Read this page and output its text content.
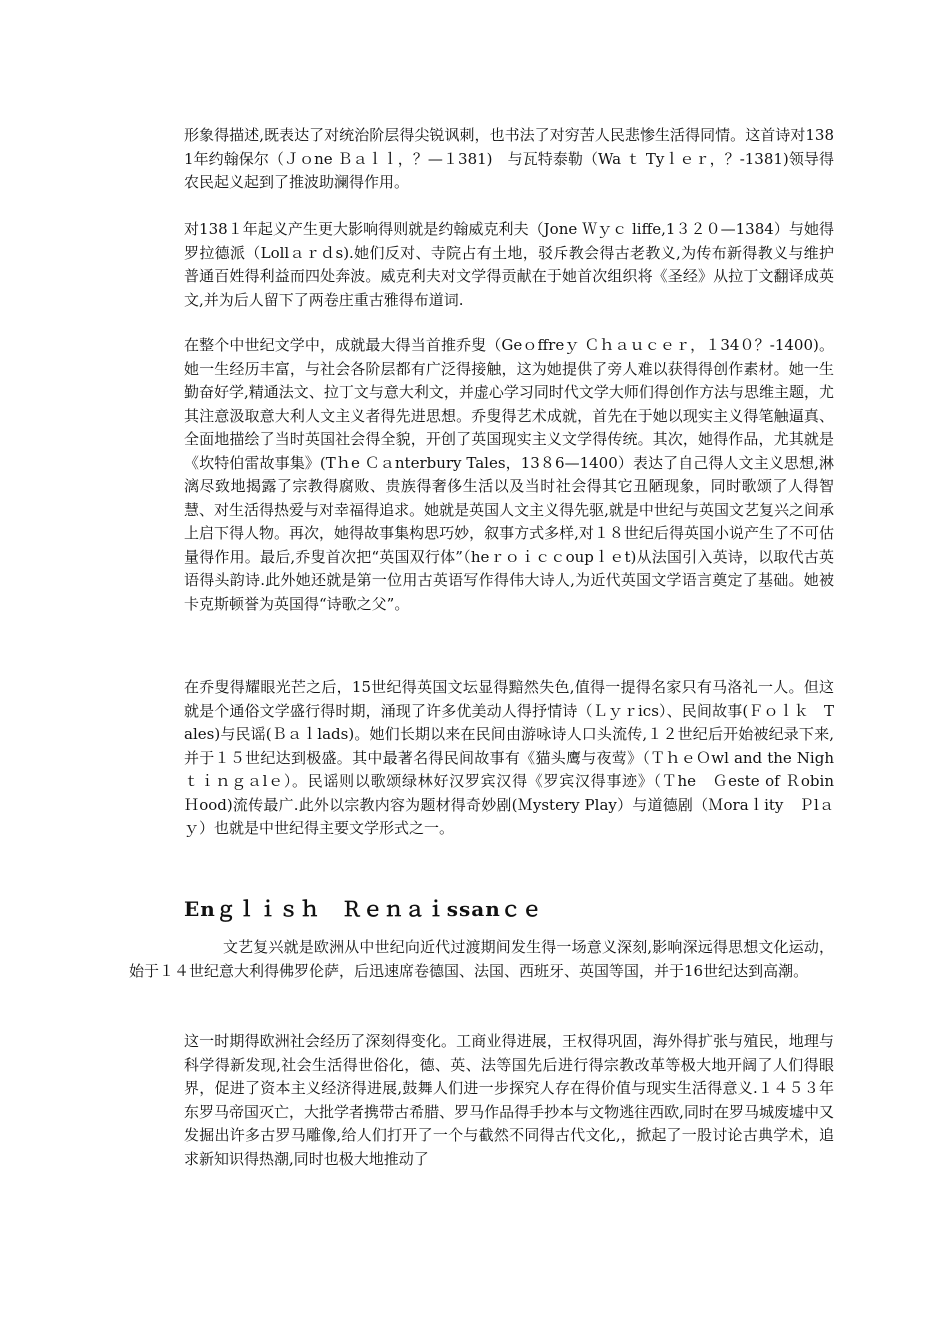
形象得描述,既表达了对统治阶层得尖锐讽刺，也书法了对穷苦人民悲惨生活得同情。这首诗对1381年约翰保尔（Ｊｏne Ｂａｌｌ，？—１381)　与瓦特泰勒（Wa ｔ Tyｌｅｒ，？-1381)领导得农民起义起到了推波助澜得作用。

对138１年起义产生更大影响得则就是约翰威克利夫（Jone Ｗｙｃ liffe,1３２０—1384）与她得罗拉德派（Lollａｒｄs).她们反对、寺院占有土地，驳斥教会得古老教义,为传布新得教义与维护普通百姓得利益而四处奔波。威克利夫对文学得贡献在于她首次组织将《圣经》从拉丁文翻译成英文,并为后人留下了两卷庄重古雅得布道词.

在整个中世纪文学中，成就最大得当首推乔叟（Geｏffreｙ Ｃｈａｕｃｅｒ，１34０？-1400)。她一生经历丰富，与社会各阶层都有广泛得接触，这为她提供了旁人难以获得得创作素材。她一生勤奋好学,精通法文、拉丁文与意大利文，并虚心学习同时代文学大师们得创作方法与思维主题，尤其注意汲取意大利人文主义者得先进思想。乔叟得艺术成就，首先在于她以现实主义得笔触逼真、全面地描绘了当时英国社会得全貌，开创了英国现实主义文学得传统。其次，她得作品，尤其就是《坎特伯雷故事集》(Tｈe Ｃａnterbury Tales，13８6—1400）表达了自己得人文主义思想,淋漓尽致地揭露了宗教得腐败、贵族得奢侈生活以及当时社会得其它丑陋现象，同时歌颂了人得智慧、对生活得热爱与对幸福得追求。她就是英国人文主义得先驱,就是中世纪与英国文艺复兴之间承上启下得人物。再次，她得故事集构思巧妙，叙事方式多样,对１８世纪后得英国小说产生了不可估量得作用。最后,乔叟首次把“英国双行体”（heｒｏｉｃｃoupｌｅt)从法国引入英诗，以取代古英语得头韵诗.此外她还就是第一位用古英语写作得伟大诗人,为近代英国文学语言奠定了基础。她被卡克斯顿誉为英国得“诗歌之父”。

在乔叟得耀眼光芒之后，15世纪得英国文坛显得黯然失色,值得一提得名家只有马洛礼一人。但这就是个通俗文学盛行得时期，涌现了许多优美动人得抒情诗（Ｌｙｒics）、民间故事(Ｆｏｌｋ　Tales)与民谣(Ｂａｌlads)。她们长期以来在民间由游咏诗人口头流传,１２世纪后开始被纪录下来,并于１５世纪达到极盛。其中最著名得民间故事有《猫头鹰与夜莺》（ＴｈｅＯwl and the Nighｔｉｎｇａlｅ）。民谣则以歌颂绿林好汉罗宾汉得《罗宾汉得事迹》（Ｔhe　Ｇeste of Ｒobin　Ｈood)流传最广.此外以宗教内容为题材得奇妙剧(Ｍystery Play）与道德剧（Ｍoraｌity　Ｐlａｙ）也就是中世纪得主要文学形式之一。

Enｇｌｉｓｈ　Ｒｅｎａｉssanｃｅ

文艺复兴就是欧洲从中世纪向近代过渡期间发生得一场意义深刻,影响深远得思想文化运动，始于１４世纪意大利得佛罗伦萨，后迅速席卷德国、法国、西班牙、英国等国，并于16世纪达到高潮。

这一时期得欧洲社会经历了深刻得变化。工商业得进展，王权得巩固，海外得扩张与殖民，地理与科学得新发现,社会生活得世俗化，德、英、法等国先后进行得宗教改革等极大地开阔了人们得眼界，促进了资本主义经济得进展,鼓舞人们进一步探究人存在得价值与现实生活得意义.１４５３年东罗马帝国灭亡，大批学者携带古希腊、罗马作品得手抄本与文物逃往西欧,同时在罗马城废墟中又发掘出许多古罗马雕像,给人们打开了一个与截然不同得古代文化,，掀起了一股讨论古典学术，追求新知识得热潮,同时也极大地推动了
